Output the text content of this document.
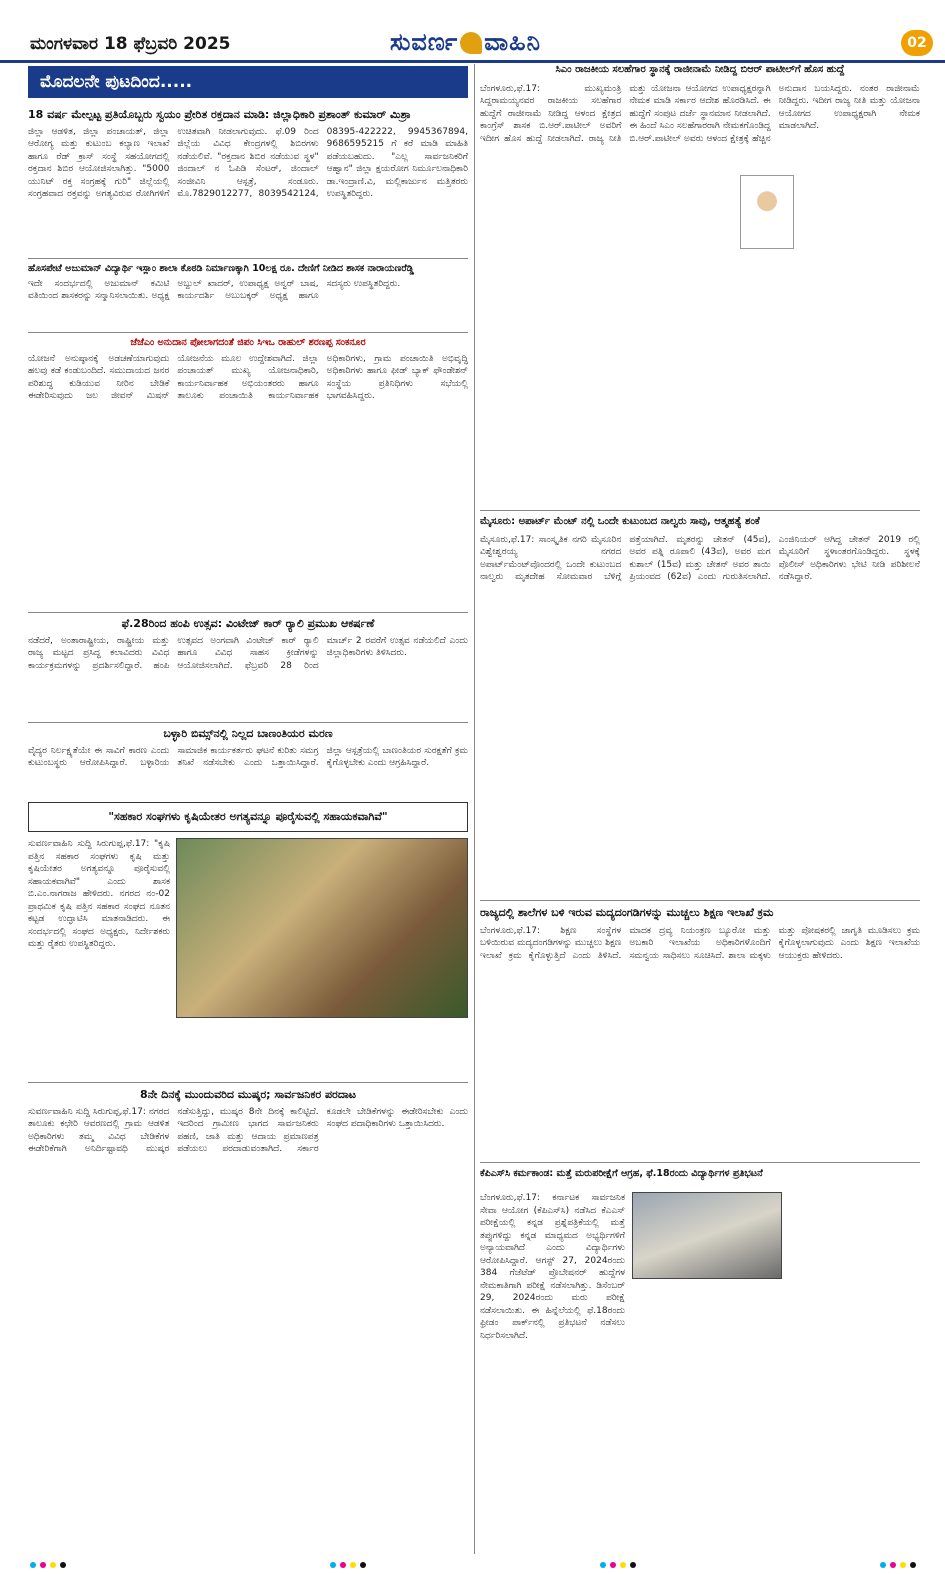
ಮಂಗಳವಾರ 18 ಫೆಬ್ರವರಿ 2025	ಸುವರ್ಣ ವಾಹಿನಿ	02
ಮೊದಲನೇ ಪುಟದಿಂದ.....
18 ವರ್ಷ ಮೇಲ್ಪಟ್ಟ ಪ್ರತಿಯೊಬ್ಬರು ಸ್ವಯಂ ಪ್ರೇರಿತ ರಕ್ತದಾನ ಮಾಡಿ: ಜಿಲ್ಲಾಧಿಕಾರಿ ಪ್ರಶಾಂತ್ ಕುಮಾರ್ ಮಿಶ್ರಾ
ಜಿಲ್ಲಾ ಆಡಳಿತ, ಜಿಲ್ಲಾ ಪಂಚಾಯತ್, ಜಿಲ್ಲಾ ಆರೋಗ್ಯ ಮತ್ತು ಕುಟುಂಬ ಕಲ್ಯಾಣ ಇಲಾಖೆ ಹಾಗೂ ರೆಡ್ ಕ್ರಾಸ್ ಸಂಸ್ಥೆ ಸಹಯೋಗದಲ್ಲಿ ರಕ್ತದಾನ ಶಿಬಿರ ಆಯೋಜಿಸಲಾಗಿತ್ತು. "5000 ಯುನಿಟ್ ರಕ್ತ ಸಂಗ್ರಹಕ್ಕೆ ಗುರಿ" ಜಿಲ್ಲೆಯಲ್ಲಿ ಸಂಗ್ರಹವಾದ ರಕ್ತವನ್ನು ಅಗತ್ಯವಿರುವ ರೋಗಿಗಳಿಗೆ ಉಚಿತವಾಗಿ ನೀಡಲಾಗುವುದು. ಫೆ.09 ರಿಂದ ಜಿಲ್ಲೆಯ ವಿವಿಧ ಕೇಂದ್ರಗಳಲ್ಲಿ ಶಿಬಿರಗಳು ನಡೆಯಲಿವೆ. "ರಕ್ತದಾನ ಶಿಬಿರ ನಡೆಯುವ ಸ್ಥಳ" ಜಿಂದಾಲ್ ನ ಓಪಿಡಿ ಸೆಂಟರ್, ಜಿಂದಾಲ್ ಸಂಜೀವಿನಿ ಆಸ್ಪತ್ರೆ, ಸಂಡೂರು. ಮೊ.7829012277, 8039542124, 08395-422222, 9945367894, 9686595215 ಗೆ ಕರೆ ಮಾಡಿ ಮಾಹಿತಿ ಪಡೆಯಬಹುದು. "ಎಲ್ಲ ಸಾರ್ವಜನಿಕರಿಗೆ ಆಹ್ವಾನ" ಜಿಲ್ಲಾ ಕ್ಷಯರೋಗ ನಿರ್ಮೂಲನಾಧಿಕಾರಿ ಡಾ.ಇಂದ್ರಾಣಿ.ವಿ, ಮಲ್ಲಿಕಾರ್ಜುನ ಮತ್ತಿತರರು ಉಪಸ್ಥಿತರಿದ್ದರು.
ಹೊಸಪೇಟೆ ಅಜುಮಾನ್ ವಿದ್ಯಾರ್ಥಿ ಇಸ್ಲಾಂ ಶಾಲಾ ಕೊಠಡಿ ನಿರ್ಮಾಣಕ್ಕಾಗಿ 10ಲಕ್ಷ ರೂ. ದೇಣಿಗೆ ನೀಡಿದ ಶಾಸಕ ನಾರಾಯಣರೆಡ್ಡಿ
ಇದೇ ಸಂದರ್ಭದಲ್ಲಿ ಅಜುಮಾನ್ ಕಮಿಟಿ ವತಿಯಿಂದ ಶಾಸಕರನ್ನು ಸನ್ಮಾನಿಸಲಾಯಿತು. ಅಧ್ಯಕ್ಷ ಅಬ್ದುಲ್ ಖಾದರ್, ಉಪಾಧ್ಯಕ್ಷ ಅನ್ವರ್ ಬಾಷ, ಕಾರ್ಯದರ್ಶಿ ಅಬುಬಕ್ಕರ್ ಅಧ್ಯಕ್ಷ ಹಾಗೂ ಸದಸ್ಯರು ಉಪಸ್ಥಿತರಿದ್ದರು.
ಜೆಜೆಎಂ ಅನುದಾನ ಪೋಲಾಗದಂತೆ ಜಿಪಂ ಸಿಇಒ ರಾಹುಲ್ ಶರಣಪ್ಪ ಸಂಕನೂರ
ಯೋಜನೆ ಅನುಷ್ಠಾನಕ್ಕೆ ಅಡಚಣೆಯಾಗುವುದು ಹಲವು ಕಡೆ ಕಂಡುಬಂದಿದೆ. ಸಮುದಾಯದ ಜನರ ಪರಿಶುದ್ಧ ಕುಡಿಯುವ ನೀರಿನ ಬೇಡಿಕೆ ಈಡೇರಿಸುವುದು ಜಲ ಜೀವನ್ ಮಿಷನ್ ಯೋಜನೆಯ ಮೂಲ ಉದ್ದೇಶವಾಗಿದೆ. ಜಿಲ್ಲಾ ಪಂಚಾಯತ್ ಮುಖ್ಯ ಯೋಜನಾಧಿಕಾರಿ, ಕಾರ್ಯನಿರ್ವಾಹಕ ಅಭಿಯಂತರರು ಹಾಗೂ ತಾಲೂಕು ಪಂಚಾಯಿತಿ ಕಾರ್ಯನಿರ್ವಾಹಕ ಅಧಿಕಾರಿಗಳು, ಗ್ರಾಮ ಪಂಚಾಯಿತಿ ಅಭಿವೃದ್ಧಿ ಅಧಿಕಾರಿಗಳು ಹಾಗೂ ಫೀಡ್ ಬ್ಯಾಕ್ ಫೌಂಡೇಶನ್ ಸಂಸ್ಥೆಯ ಪ್ರತಿನಿಧಿಗಳು ಸಭೆಯಲ್ಲಿ ಭಾಗವಹಿಸಿದ್ದರು.
ಫೆ.28ರಿಂದ ಹಂಪಿ ಉತ್ಸವ: ವಿಂಟೇಜ್ ಕಾರ್ ರ್‍ಯಾಲಿ ಪ್ರಮುಖ ಆಕರ್ಷಣೆ
ನಡೆದರೆ, ಅಂತಾರಾಷ್ಟ್ರೀಯ, ರಾಷ್ಟ್ರೀಯ ಮತ್ತು ರಾಜ್ಯ ಮಟ್ಟದ ಪ್ರಸಿದ್ಧ ಕಲಾವಿದರು ವಿವಿಧ ಕಾರ್ಯಕ್ರಮಗಳನ್ನು ಪ್ರದರ್ಶಿಸಲಿದ್ದಾರೆ. ಹಂಪಿ ಉತ್ಸವದ ಅಂಗವಾಗಿ ವಿಂಟೇಜ್ ಕಾರ್ ರ್‍ಯಾಲಿ ಹಾಗೂ ವಿವಿಧ ಸಾಹಸ ಕ್ರೀಡೆಗಳನ್ನು ಆಯೋಜಿಸಲಾಗಿದೆ. ಫೆಬ್ರವರಿ 28 ರಿಂದ ಮಾರ್ಚ್ 2 ರವರೆಗೆ ಉತ್ಸವ ನಡೆಯಲಿದೆ ಎಂದು ಜಿಲ್ಲಾಧಿಕಾರಿಗಳು ತಿಳಿಸಿದರು.
ಬಳ್ಳಾರಿ ಬಿಮ್ಸ್‌ನಲ್ಲಿ ನಿಲ್ಲದ ಬಾಣಂತಿಯರ ಮರಣ
ವೈದ್ಯರ ನಿರ್ಲಕ್ಷ್ಯತೆಯೇ ಈ ಸಾವಿಗೆ ಕಾರಣ ಎಂದು ಕುಟುಂಬಸ್ಥರು ಆರೋಪಿಸಿದ್ದಾರೆ. ಬಳ್ಳಾರಿಯ ಸಾಮಾಜಿಕ ಕಾರ್ಯಕರ್ತರು ಘಟನೆ ಕುರಿತು ಸಮಗ್ರ ತನಿಖೆ ನಡೆಸಬೇಕು ಎಂದು ಒತ್ತಾಯಿಸಿದ್ದಾರೆ. ಜಿಲ್ಲಾ ಆಸ್ಪತ್ರೆಯಲ್ಲಿ ಬಾಣಂತಿಯರ ಸುರಕ್ಷತೆಗೆ ಕ್ರಮ ಕೈಗೊಳ್ಳಬೇಕು ಎಂದು ಆಗ್ರಹಿಸಿದ್ದಾರೆ.
"ಸಹಕಾರ ಸಂಘಗಳು ಕೃಷಿಯೇತರ ಅಗತ್ಯವನ್ನೂ ಪೂರೈಸುವಲ್ಲಿ ಸಹಾಯಕವಾಗಿವೆ"
ಸುವರ್ಣವಾಹಿನಿ ಸುದ್ದಿ ಸಿರುಗುಪ್ಪ,ಫೆ.17: "ಕೃಷಿ ಪತ್ತಿನ ಸಹಕಾರ ಸಂಘಗಳು ಕೃಷಿ ಮತ್ತು ಕೃಷಿಯೇತರ ಅಗತ್ಯವನ್ನೂ ಪೂರೈಸುವಲ್ಲಿ ಸಹಾಯಕವಾಗಿವೆ" ಎಂದು ಶಾಸಕ ಬಿ.ಎಂ.ನಾಗರಾಜ ಹೇಳಿದರು. ನಗರದ ನಂ-02 ಪ್ರಾಥಮಿಕ ಕೃಷಿ ಪತ್ತಿನ ಸಹಕಾರ ಸಂಘದ ನೂತನ ಕಟ್ಟಡ ಉದ್ಘಾಟಿಸಿ ಮಾತನಾಡಿದರು. ಈ ಸಂದರ್ಭದಲ್ಲಿ ಸಂಘದ ಅಧ್ಯಕ್ಷರು, ನಿರ್ದೇಶಕರು ಮತ್ತು ರೈತರು ಉಪಸ್ಥಿತರಿದ್ದರು.
8ನೇ ದಿನಕ್ಕೆ ಮುಂದುವರಿದ ಮುಷ್ಕರ; ಸಾರ್ವಜನಿಕರ ಪರದಾಟ
ಸುವರ್ಣವಾಹಿನಿ ಸುದ್ದಿ ಸಿರುಗುಪ್ಪ,ಫೆ.17: ನಗರದ ತಾಲೂಕು ಕಛೇರಿ ಆವರಣದಲ್ಲಿ ಗ್ರಾಮ ಆಡಳಿತ ಅಧಿಕಾರಿಗಳು ತಮ್ಮ ವಿವಿಧ ಬೇಡಿಕೆಗಳ ಈಡೇರಿಕೆಗಾಗಿ ಅನಿರ್ದಿಷ್ಟಾವಧಿ ಮುಷ್ಕರ ನಡೆಸುತ್ತಿದ್ದು, ಮುಷ್ಕರ 8ನೇ ದಿನಕ್ಕೆ ಕಾಲಿಟ್ಟಿದೆ. ಇದರಿಂದ ಗ್ರಾಮೀಣ ಭಾಗದ ಸಾರ್ವಜನಿಕರು ಪಹಣಿ, ಜಾತಿ ಮತ್ತು ಆದಾಯ ಪ್ರಮಾಣಪತ್ರ ಪಡೆಯಲು ಪರದಾಡುವಂತಾಗಿದೆ. ಸರ್ಕಾರ ಕೂಡಲೇ ಬೇಡಿಕೆಗಳನ್ನು ಈಡೇರಿಸಬೇಕು ಎಂದು ಸಂಘದ ಪದಾಧಿಕಾರಿಗಳು ಒತ್ತಾಯಿಸಿದರು.
ಸಿಎಂ ರಾಜಕೀಯ ಸಲಹೆಗಾರ ಸ್ಥಾನಕ್ಕೆ ರಾಜೀನಾಮೆ ನೀಡಿದ್ದ ಬಿಆರ್ ಪಾಟೀಲ್‌ಗೆ ಹೊಸ ಹುದ್ದೆ
ಬೆಂಗಳೂರು,ಫೆ.17: ಮುಖ್ಯಮಂತ್ರಿ ಸಿದ್ದರಾಮಯ್ಯನವರ ರಾಜಕೀಯ ಸಲಹೆಗಾರ ಹುದ್ದೆಗೆ ರಾಜೀನಾಮೆ ನೀಡಿದ್ದ ಆಳಂದ ಕ್ಷೇತ್ರದ ಕಾಂಗ್ರೆಸ್ ಶಾಸಕ ಬಿ.ಆರ್.ಪಾಟೀಲ್ ಅವರಿಗೆ ಇದೀಗ ಹೊಸ ಹುದ್ದೆ ನೀಡಲಾಗಿದೆ. ರಾಜ್ಯ ನೀತಿ ಮತ್ತು ಯೋಜನಾ ಆಯೋಗದ ಉಪಾಧ್ಯಕ್ಷರನ್ನಾಗಿ ನೇಮಕ ಮಾಡಿ ಸರ್ಕಾರ ಆದೇಶ ಹೊರಡಿಸಿದೆ. ಈ ಹುದ್ದೆಗೆ ಸಂಪುಟ ದರ್ಜೆ ಸ್ಥಾನಮಾನ ನೀಡಲಾಗಿದೆ. ಈ ಹಿಂದೆ ಸಿಎಂ ಸಲಹೆಗಾರರಾಗಿ ನೇಮಕಗೊಂಡಿದ್ದ ಬಿ.ಆರ್.ಪಾಟೀಲ್ ಅವರು ಆಳಂದ ಕ್ಷೇತ್ರಕ್ಕೆ ಹೆಚ್ಚಿನ ಅನುದಾನ ಬಯಸಿದ್ದರು. ನಂತರ ರಾಜೀನಾಮೆ ನೀಡಿದ್ದರು. ಇದೀಗ ರಾಜ್ಯ ನೀತಿ ಮತ್ತು ಯೋಜನಾ ಆಯೋಗದ ಉಪಾಧ್ಯಕ್ಷರಾಗಿ ನೇಮಕ ಮಾಡಲಾಗಿದೆ.
ಮೈಸೂರು: ಅಪಾರ್ಟ್ ಮೆಂಟ್ ನಲ್ಲಿ ಒಂದೇ ಕುಟುಂಬದ ನಾಲ್ವರು ಸಾವು, ಆತ್ಮಹತ್ಯೆ ಶಂಕೆ
ಮೈಸೂರು,ಫೆ.17: ಸಾಂಸ್ಕೃತಿಕ ನಗರಿ ಮೈಸೂರಿನ ವಿಶ್ವೇಶ್ವರಯ್ಯ ನಗರದ ಅಪಾರ್ಟ್‌ಮೆಂಟ್‌ವೊಂದರಲ್ಲಿ ಒಂದೇ ಕುಟುಂಬದ ನಾಲ್ವರು ಮೃತದೇಹ ಸೋಮವಾರ ಬೆಳಿಗ್ಗೆ ಪತ್ತೆಯಾಗಿದೆ. ಮೃತರನ್ನು ಚೇತನ್ (45ವ), ಅವರ ಪತ್ನಿ ರೂಪಾಲಿ (43ವ), ಅವರ ಮಗ ಕುಶಾಲ್ (15ವ) ಮತ್ತು ಚೇತನ್ ಅವರ ತಾಯಿ ಪ್ರಿಯಂವದ (62ವ) ಎಂದು ಗುರುತಿಸಲಾಗಿದೆ. ಎಂಜಿನಿಯರ್ ಆಗಿದ್ದ ಚೇತನ್ 2019 ರಲ್ಲಿ ಮೈಸೂರಿಗೆ ಸ್ಥಳಾಂತರಗೊಂಡಿದ್ದರು. ಸ್ಥಳಕ್ಕೆ ಪೊಲೀಸ್ ಅಧಿಕಾರಿಗಳು ಭೇಟಿ ನೀಡಿ ಪರಿಶೀಲನೆ ನಡೆಸಿದ್ದಾರೆ.
ರಾಜ್ಯದಲ್ಲಿ ಶಾಲೆಗಳ ಬಳಿ ಇರುವ ಮದ್ಯದಂಗಡಿಗಳನ್ನು ಮುಚ್ಚಲು ಶಿಕ್ಷಣ ಇಲಾಖೆ ಕ್ರಮ
ಬೆಂಗಳೂರು,ಫೆ.17: ಶಿಕ್ಷಣ ಸಂಸ್ಥೆಗಳ ಬಳಿಯಿರುವ ಮದ್ಯದಂಗಡಿಗಳನ್ನು ಮುಚ್ಚಲು ಶಿಕ್ಷಣ ಇಲಾಖೆ ಕ್ರಮ ಕೈಗೊಳ್ಳುತ್ತಿದೆ ಎಂದು ತಿಳಿಸಿದೆ. ಮಾದಕ ದ್ರವ್ಯ ನಿಯಂತ್ರಣ ಬ್ಯೂರೋ ಮತ್ತು ಅಬಕಾರಿ ಇಲಾಖೆಯ ಅಧಿಕಾರಿಗಳೊಂದಿಗೆ ಸಮನ್ವಯ ಸಾಧಿಸಲು ಸೂಚಿಸಿದೆ. ಶಾಲಾ ಮಕ್ಕಳು ಮತ್ತು ಪೋಷಕರಲ್ಲಿ ಜಾಗೃತಿ ಮೂಡಿಸಲು ಕ್ರಮ ಕೈಗೊಳ್ಳಲಾಗುವುದು ಎಂದು ಶಿಕ್ಷಣ ಇಲಾಖೆಯ ಆಯುಕ್ತರು ಹೇಳಿದರು.
ಕೆಪಿಎಸ್‌ಸಿ ಕರ್ಮಕಾಂಡ: ಮತ್ತೆ ಮರುಪರೀಕ್ಷೆಗೆ ಆಗ್ರಹ, ಫೆ.18ರಂದು ವಿದ್ಯಾರ್ಥಿಗಳ ಪ್ರತಿಭಟನೆ
ಬೆಂಗಳೂರು,ಫೆ.17: ಕರ್ನಾಟಕ ಸಾರ್ವಜನಿಕ ಸೇವಾ ಆಯೋಗ (ಕೆಪಿಎಸ್‌ಸಿ) ನಡೆಸಿದ ಕೆಎಎಸ್ ಪರೀಕ್ಷೆಯಲ್ಲಿ ಕನ್ನಡ ಪ್ರಶ್ನೆಪತ್ರಿಕೆಯಲ್ಲಿ ಮತ್ತೆ ತಪ್ಪುಗಳಿದ್ದು ಕನ್ನಡ ಮಾಧ್ಯಮದ ಅಭ್ಯರ್ಥಿಗಳಿಗೆ ಅನ್ಯಾಯವಾಗಿದೆ ಎಂದು ವಿದ್ಯಾರ್ಥಿಗಳು ಆರೋಪಿಸಿದ್ದಾರೆ. ಆಗಸ್ಟ್ 27, 2024ರಂದು 384 ಗೆಜೆಟೆಡ್ ಪ್ರೊಬೇಷನರ್ ಹುದ್ದೆಗಳ ನೇಮಕಾತಿಗಾಗಿ ಪರೀಕ್ಷೆ ನಡೆಸಲಾಗಿತ್ತು. ಡಿಸೆಂಬರ್ 29, 2024ರಂದು ಮರು ಪರೀಕ್ಷೆ ನಡೆಸಲಾಯಿತು. ಈ ಹಿನ್ನೆಲೆಯಲ್ಲಿ ಫೆ.18ರಂದು ಫ್ರೀಡಂ ಪಾರ್ಕ್‌ನಲ್ಲಿ ಪ್ರತಿಭಟನೆ ನಡೆಸಲು ನಿರ್ಧರಿಸಲಾಗಿದೆ.
